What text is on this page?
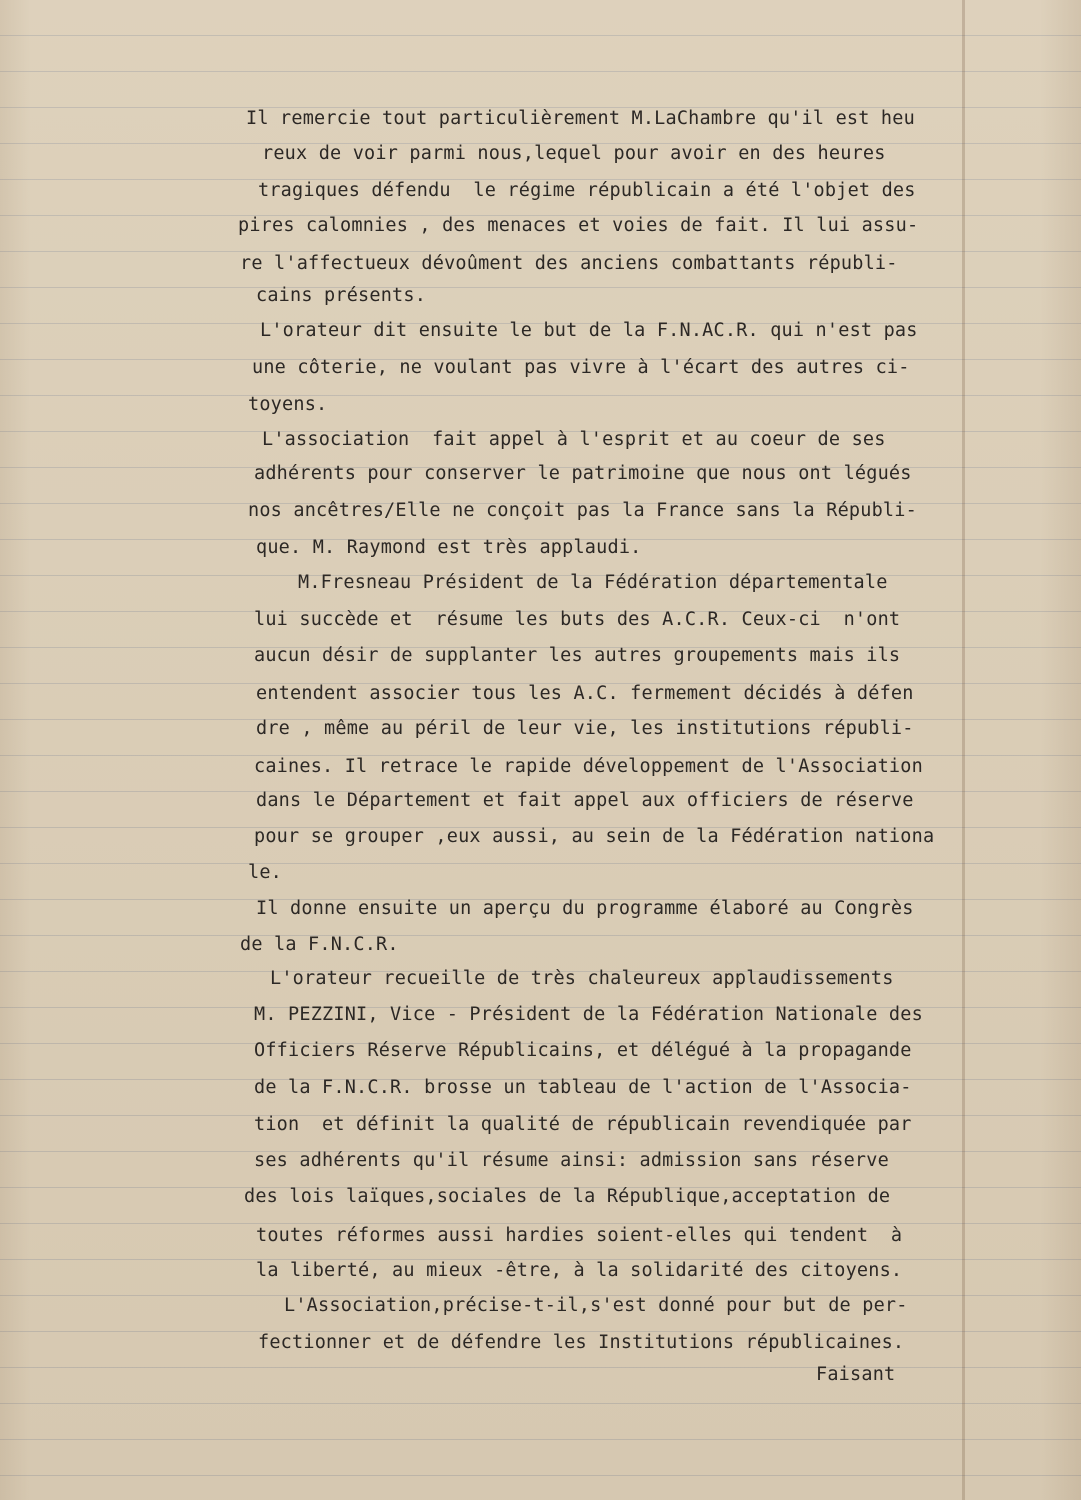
Il remercie tout particulièrement M.LaChambre qu'il est heu
reux de voir parmi nous,lequel pour avoir en des heures
tragiques défendu  le régime républicain a été l'objet des
pires calomnies , des menaces et voies de fait. Il lui assu-
re l'affectueux dévoûment des anciens combattants républi-
cains présents.
L'orateur dit ensuite le but de la F.N.AC.R. qui n'est pas
une côterie, ne voulant pas vivre à l'écart des autres ci-
toyens.
L'association  fait appel à l'esprit et au coeur de ses
adhérents pour conserver le patrimoine que nous ont légués
nos ancêtres/Elle ne conçoit pas la France sans la Républi-
que. M. Raymond est très applaudi.
M.Fresneau Président de la Fédération départementale
lui succède et  résume les buts des A.C.R. Ceux-ci  n'ont
aucun désir de supplanter les autres groupements mais ils
entendent associer tous les A.C. fermement décidés à défen
dre , même au péril de leur vie, les institutions républi-
caines. Il retrace le rapide développement de l'Association
dans le Département et fait appel aux officiers de réserve
pour se grouper ,eux aussi, au sein de la Fédération nationa
le.
Il donne ensuite un aperçu du programme élaboré au Congrès
de la F.N.C.R.
L'orateur recueille de très chaleureux applaudissements
M. PEZZINI, Vice - Président de la Fédération Nationale des
Officiers Réserve Républicains, et délégué à la propagande
de la F.N.C.R. brosse un tableau de l'action de l'Associa-
tion  et définit la qualité de républicain revendiquée par
ses adhérents qu'il résume ainsi: admission sans réserve
des lois laïques,sociales de la République,acceptation de
toutes réformes aussi hardies soient-elles qui tendent  à
la liberté, au mieux -être, à la solidarité des citoyens.
L'Association,précise-t-il,s'est donné pour but de per-
fectionner et de défendre les Institutions républicaines.
Faisant
